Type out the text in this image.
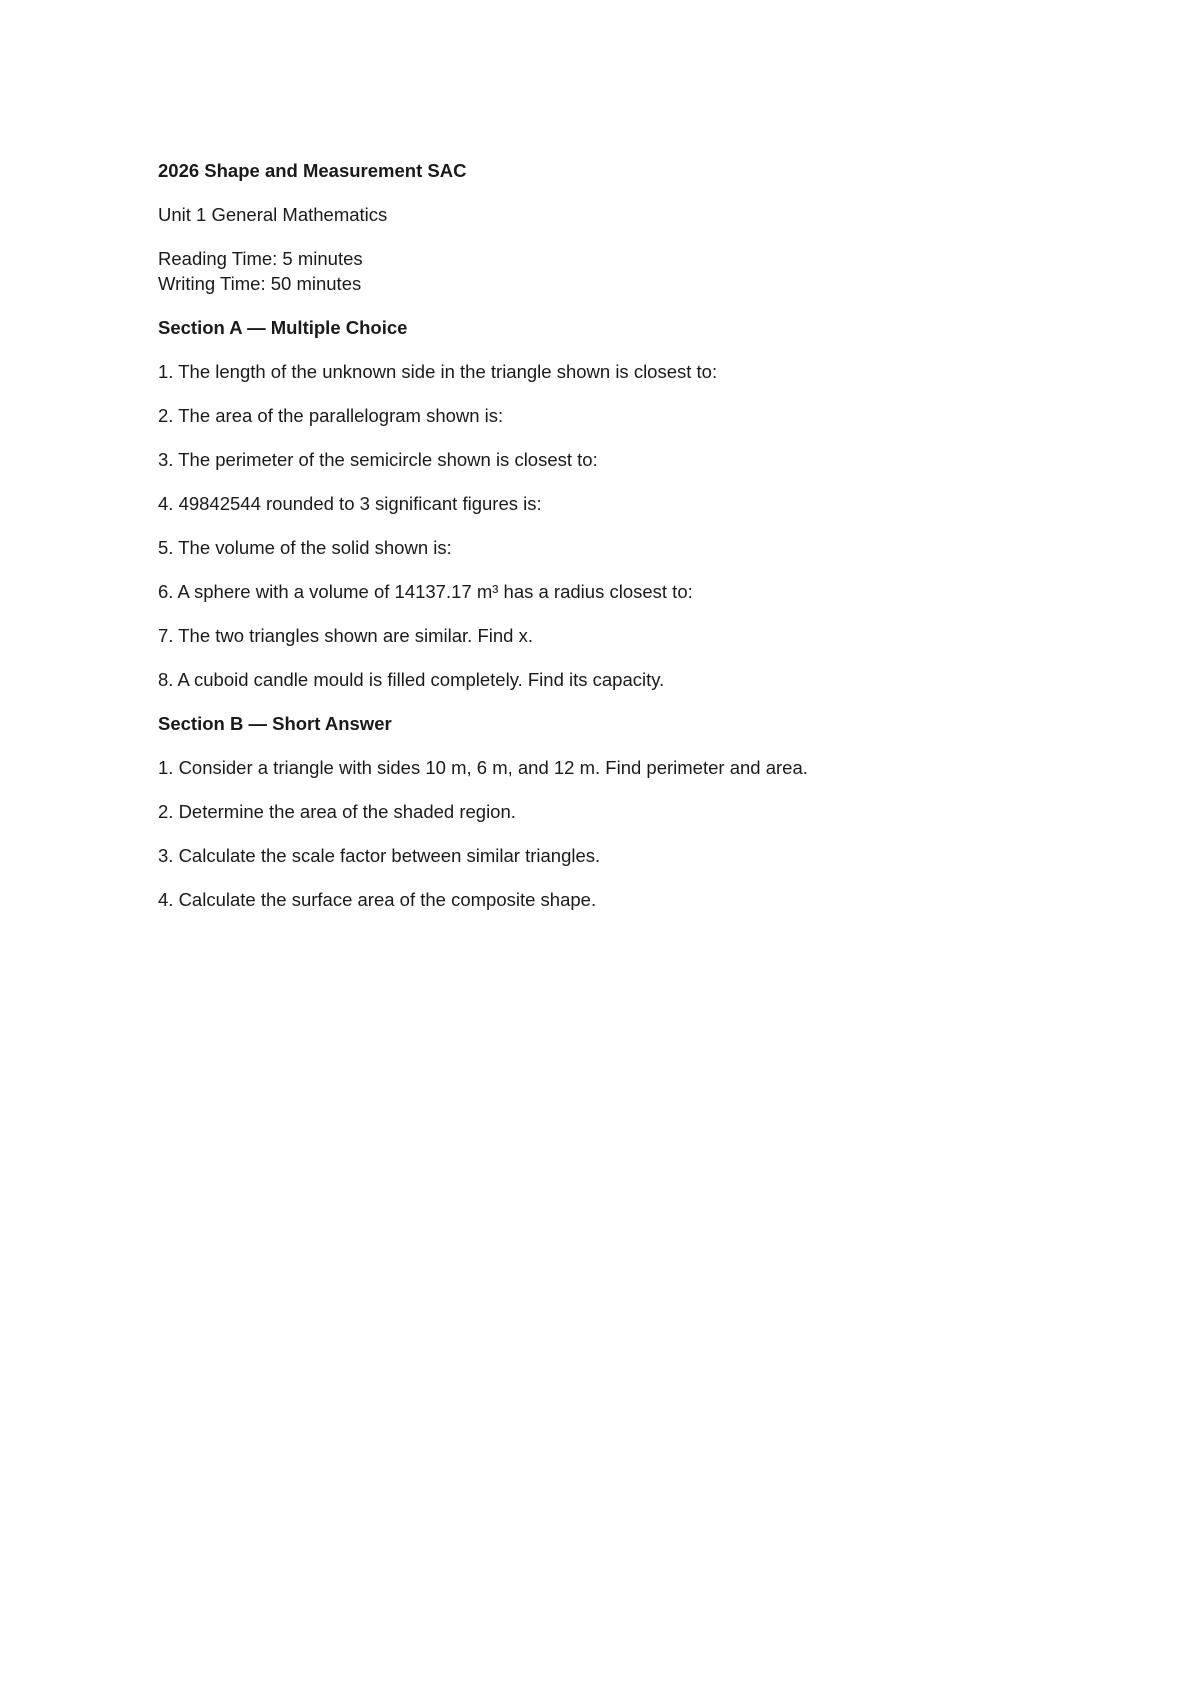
2026 Shape and Measurement SAC

Unit 1 General Mathematics

Reading Time: 5 minutes

Writing Time: 50 minutes

Section A — Multiple Choice

1. The length of the unknown side in the triangle shown is closest to:

2. The area of the parallelogram shown is:

3. The perimeter of the semicircle shown is closest to:

4. 49842544 rounded to 3 significant figures is:

5. The volume of the solid shown is:

6. A sphere with a volume of 14137.17 m³ has a radius closest to:

7. The two triangles shown are similar. Find x.

8. A cuboid candle mould is filled completely. Find its capacity.

Section B — Short Answer

1. Consider a triangle with sides 10 m, 6 m, and 12 m. Find perimeter and area.

2. Determine the area of the shaded region.

3. Calculate the scale factor between similar triangles.

4. Calculate the surface area of the composite shape.
